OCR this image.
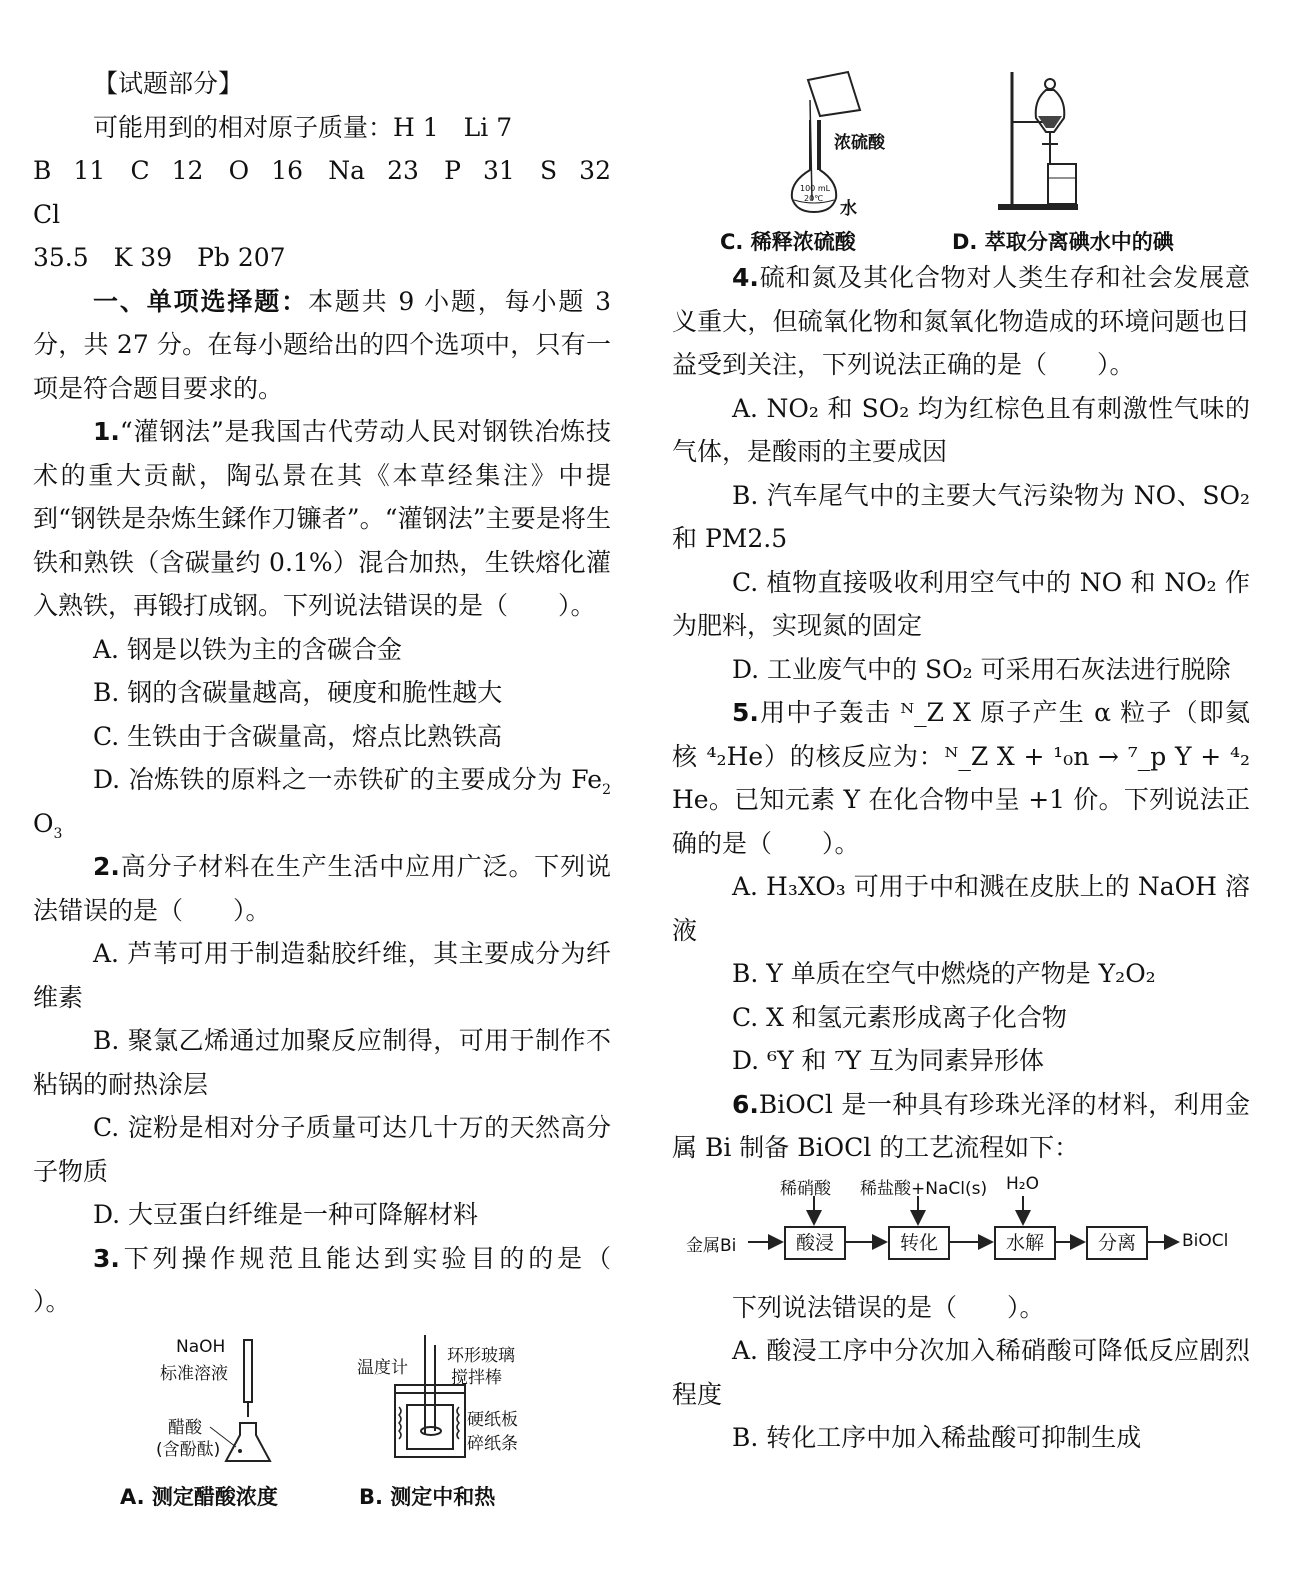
【试题部分】

可能用到的相对原子质量：H 1　Li 7

B 11　C 12　O 16　Na 23　P 31　S 32　Cl

35.5　K 39　Pb 207

一、单项选择题：本题共 9 小题，每小题 3 分，共 27 分。在每小题给出的四个选项中，只有一项是符合题目要求的。

1.“灌钢法”是我国古代劳动人民对钢铁冶炼技术的重大贡献，陶弘景在其《本草经集注》中提到“钢铁是杂炼生鍒作刀镰者”。“灌钢法”主要是将生铁和熟铁（含碳量约 0.1%）混合加热，生铁熔化灌入熟铁，再锻打成钢。下列说法错误的是（　　）。

A. 钢是以铁为主的含碳合金

B. 钢的含碳量越高，硬度和脆性越大

C. 生铁由于含碳量高，熔点比熟铁高

D. 冶炼铁的原料之一赤铁矿的主要成分为 $Fe_2O_3$

2.高分子材料在生产生活中应用广泛。下列说法错误的是（　　）。

A. 芦苇可用于制造黏胶纤维，其主要成分为纤维素

B. 聚氯乙烯通过加聚反应制得，可用于制作不粘锅的耐热涂层

C. 淀粉是相对分子质量可达几十万的天然高分子物质

D. 大豆蛋白纤维是一种可降解材料

3.下列操作规范且能达到实验目的的是（　　）。

NaOH
标准溶液
醋酸
(含酚酞)
A. 测定醋酸浓度
温度计
环形玻璃
搅拌棒
硬纸板
碎纸条
B. 测定中和热
浓硫酸
100 mL
20℃
水
C. 稀释浓硫酸	D. 萃取分离碘水中的碘

4.硫和氮及其化合物对人类生存和社会发展意义重大，但硫氧化物和氮氧化物造成的环境问题也日益受到关注，下列说法正确的是（　　）。

A. NO₂ 和 SO₂ 均为红棕色且有刺激性气味的气体，是酸雨的主要成因

B. 汽车尾气中的主要大气污染物为 NO、SO₂ 和 PM2.5

C. 植物直接吸收利用空气中的 NO 和 NO₂ 作为肥料，实现氮的固定

D. 工业废气中的 SO₂ 可采用石灰法进行脱除

5.用中子轰击 ᴺ_Z X 原子产生 α 粒子（即氦核 ⁴₂He）的核反应为：ᴺ_Z X + ¹₀n → ⁷_p Y + ⁴₂He。已知元素 Y 在化合物中呈 +1 价。下列说法正确的是（　　）。

A. H₃XO₃ 可用于中和溅在皮肤上的 NaOH 溶液

B. Y 单质在空气中燃烧的产物是 Y₂O₂

C. X 和氢元素形成离子化合物

D. ⁶Y 和 ⁷Y 互为同素异形体

6.BiOCl 是一种具有珍珠光泽的材料，利用金属 Bi 制备 BiOCl 的工艺流程如下：

稀硝酸 稀盐酸+NaCl(s) H₂O
金属Bi	酸浸	转化	水解	分离	BiOCl

下列说法错误的是（　　）。

A. 酸浸工序中分次加入稀硝酸可降低反应剧烈程度

B. 转化工序中加入稀盐酸可抑制生成
